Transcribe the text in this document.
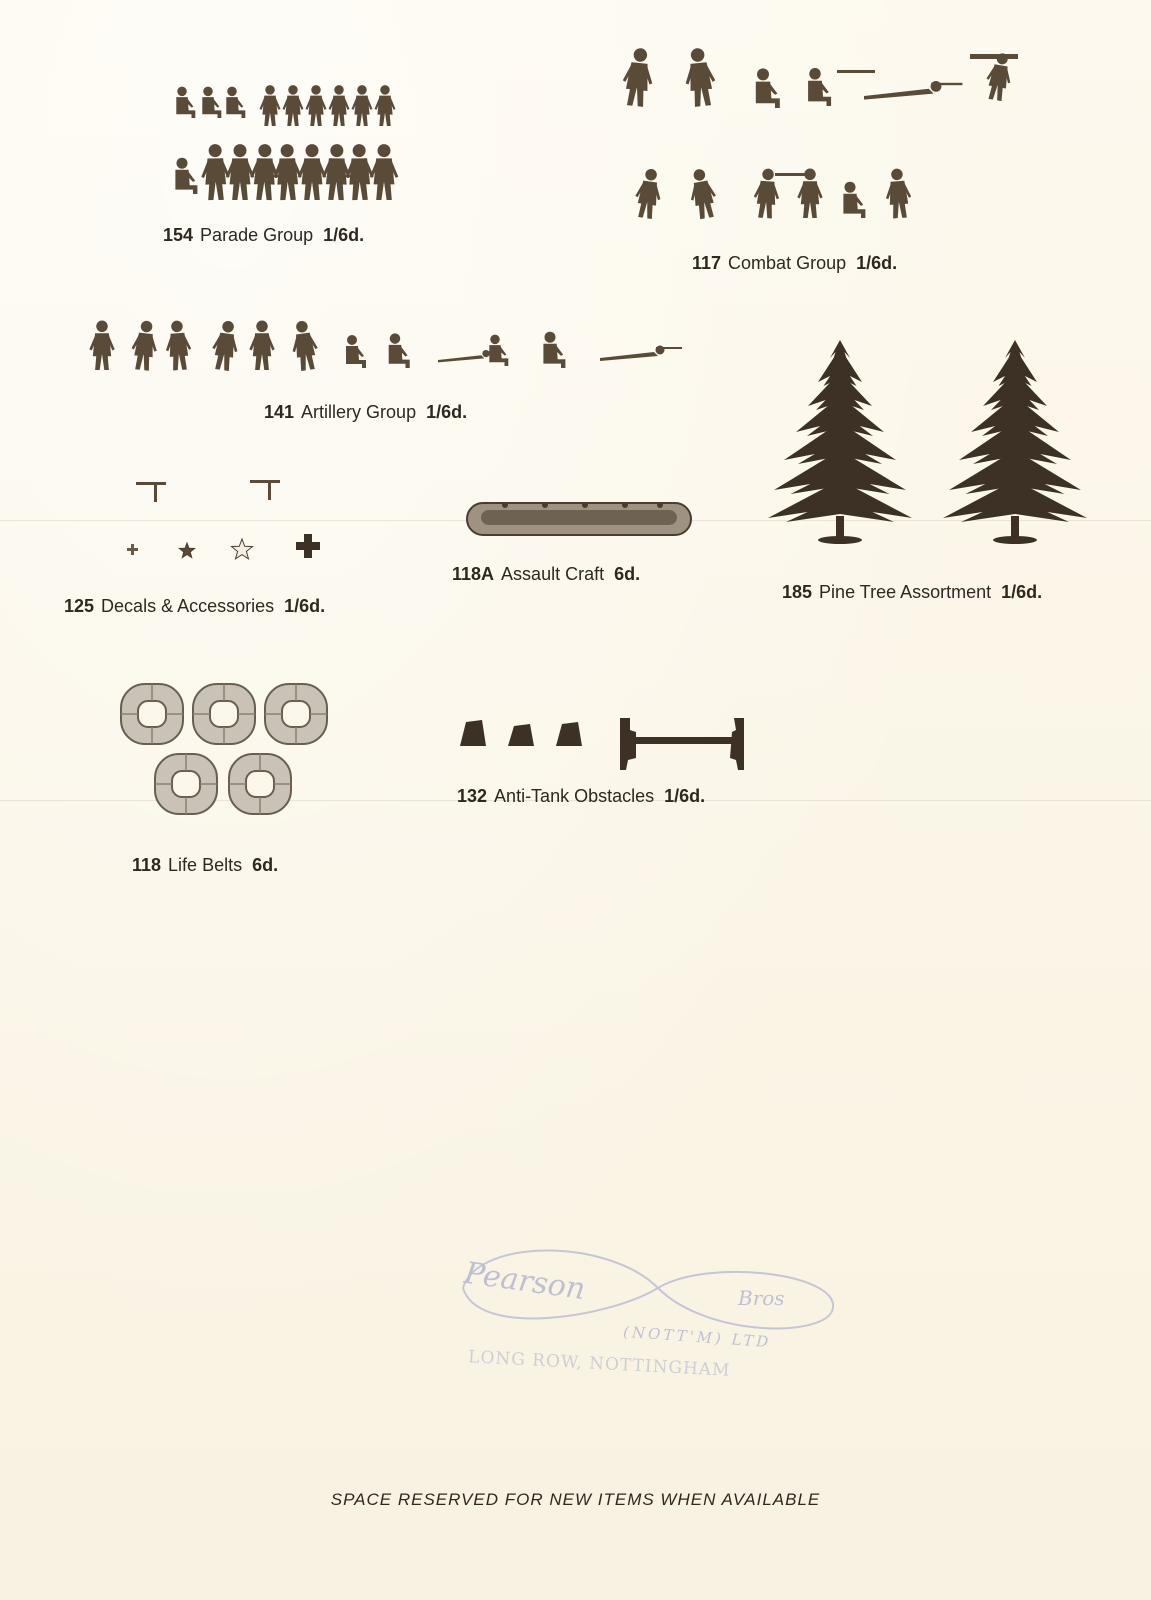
154 Parade Group 1/6d.
117 Combat Group 1/6d.
141 Artillery Group 1/6d.
185 Pine Tree Assortment 1/6d.
125 Decals & Accessories 1/6d.
118A Assault Craft 6d.
118 Life Belts 6d.
132 Anti-Tank Obstacles 1/6d.
Pearson	Bros
(NOTT'M) LTD
LONG ROW, NOTTINGHAM
SPACE RESERVED FOR NEW ITEMS WHEN AVAILABLE
